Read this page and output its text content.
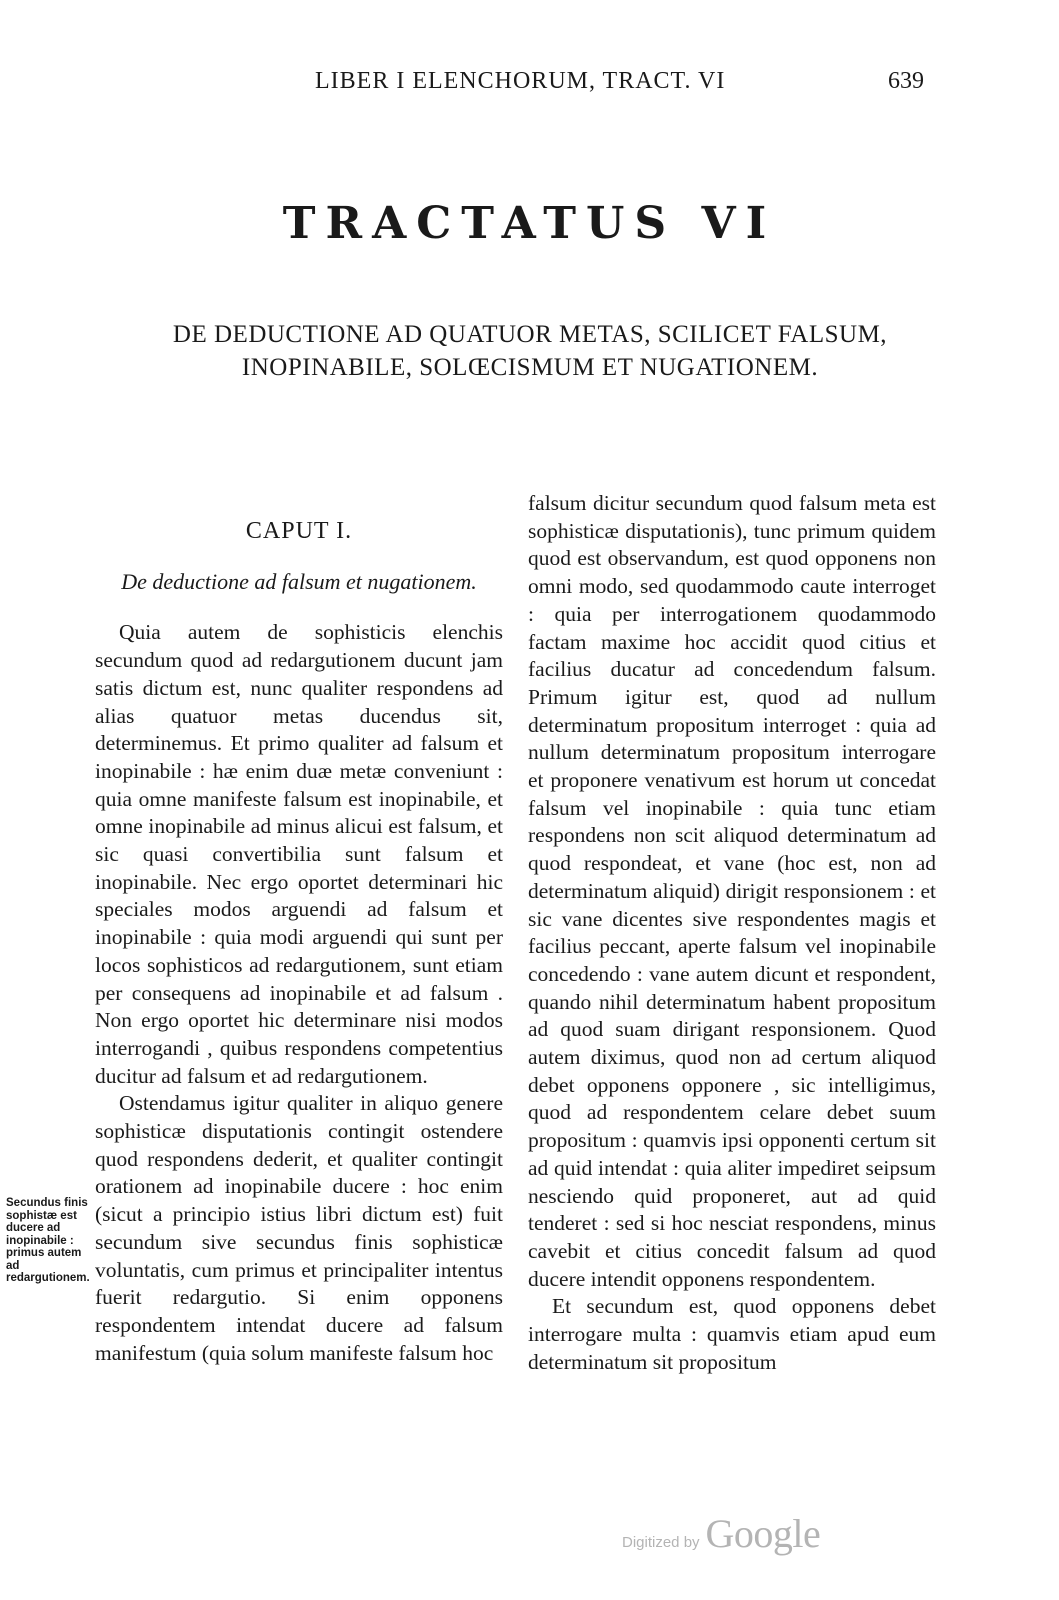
LIBER I ELENCHORUM, TRACT. VI	639
TRACTATUS VI
DE DEDUCTIONE AD QUATUOR METAS, SCILICET FALSUM, INOPINABILE, SOLŒCISMUM ET NUGATIONEM.
CAPUT I.
De deductione ad falsum et nugationem.

Quia autem de sophisticis elenchis secundum quod ad redargutionem ducunt jam satis dictum est, nunc qualiter respondens ad alias quatuor metas ducendus sit, determinemus. Et primo qualiter ad falsum et inopinabile : hæ enim duæ metæ conveniunt : quia omne manifeste falsum est inopinabile, et omne inopinabile ad minus alicui est falsum, et sic quasi convertibilia sunt falsum et inopinabile. Nec ergo oportet determinari hic speciales modos arguendi ad falsum et inopinabile : quia modi arguendi qui sunt per locos sophisticos ad redargutionem, sunt etiam per consequens ad inopinabile et ad falsum . Non ergo oportet hic determinare nisi modos interrogandi , quibus respondens competentius ducitur ad falsum et ad redargutionem.

Ostendamus igitur qualiter in aliquo genere sophisticæ disputationis contingit ostendere quod respondens dederit, et qualiter contingit orationem ad inopinabile ducere : hoc enim (sicut a principio istius libri dictum est) fuit secundum sive secundus finis sophisticæ voluntatis, cum primus et principaliter intentus fuerit redargutio. Si enim opponens respondentem intendat ducere ad falsum manifestum (quia solum manifeste falsum hoc

Secundus finis sophistæ est ducere ad inopinabile : primus autem ad redargutionem.

falsum dicitur secundum quod falsum meta est sophisticæ disputationis), tunc primum quidem quod est observandum, est quod opponens non omni modo, sed quodammodo caute interroget : quia per interrogationem quodammodo factam maxime hoc accidit quod citius et facilius ducatur ad concedendum falsum. Primum igitur est, quod ad nullum determinatum propositum interroget : quia ad nullum determinatum propositum interrogare et proponere venativum est horum ut concedat falsum vel inopinabile : quia tunc etiam respondens non scit aliquod determinatum ad quod respondeat, et vane (hoc est, non ad determinatum aliquid) dirigit responsionem : et sic vane dicentes sive respondentes magis et facilius peccant, aperte falsum vel inopinabile concedendo : vane autem dicunt et respondent, quando nihil determinatum habent propositum ad quod suam dirigant responsionem. Quod autem diximus, quod non ad certum aliquod debet opponens opponere , sic intelligimus, quod ad respondentem celare debet suum propositum : quamvis ipsi opponenti certum sit ad quid intendat : quia aliter impediret seipsum nesciendo quid proponeret, aut ad quid tenderet : sed si hoc nesciat respondens, minus cavebit et citius concedit falsum ad quod ducere intendit opponens respondentem.

Et secundum est, quod opponens debet interrogare multa : quamvis etiam apud eum determinatum sit propositum

Digitized by Google
